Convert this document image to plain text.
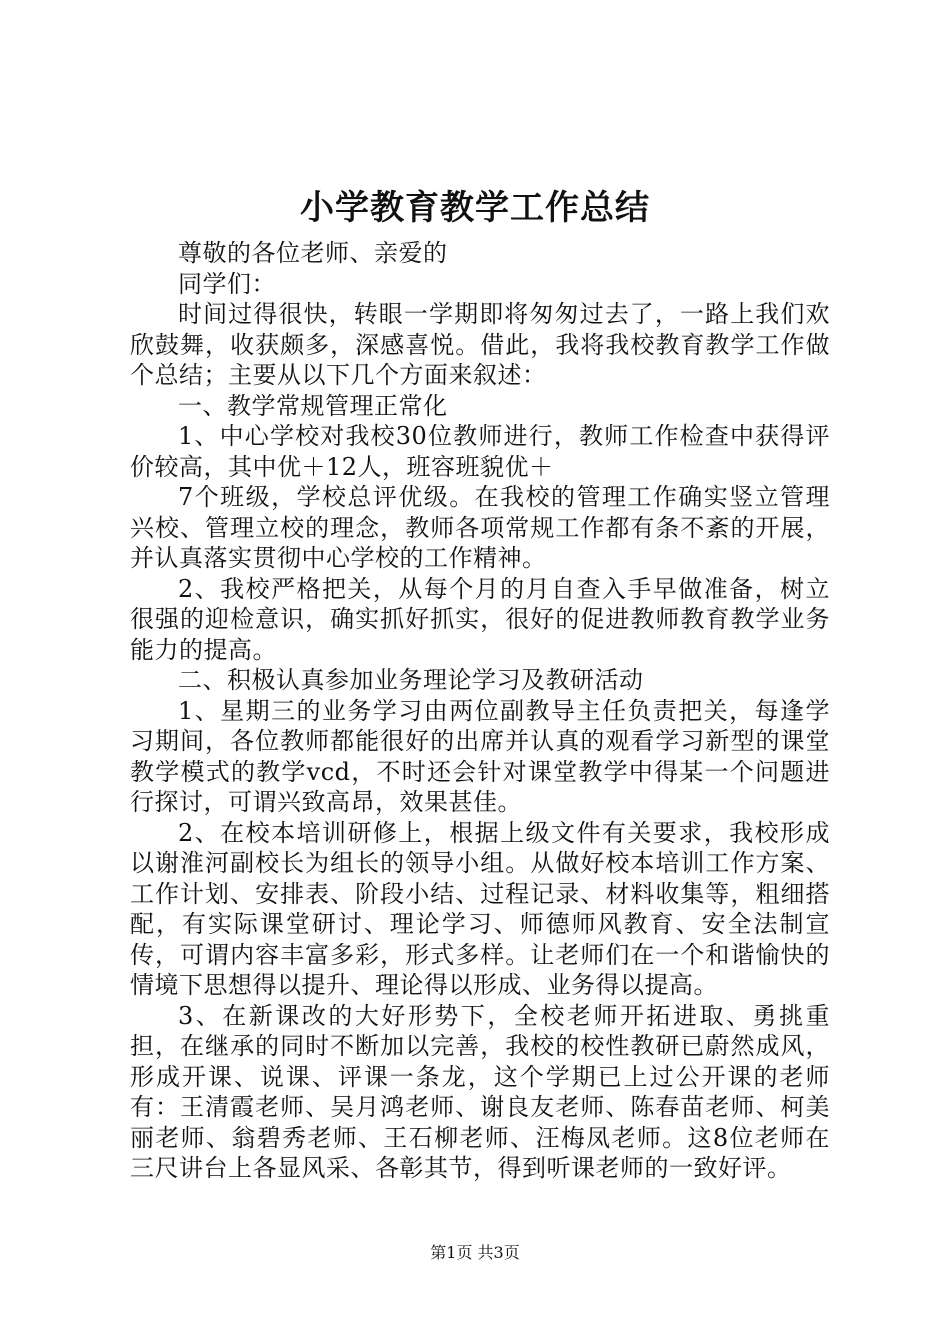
小学教育教学工作总结

尊敬的各位老师、亲爱的

同学们：

时间过得很快，转眼一学期即将匆匆过去了，一路上我们欢欣鼓舞，收获颇多，深感喜悦。借此，我将我校教育教学工作做个总结；主要从以下几个方面来叙述：

一、教学常规管理正常化

1、中心学校对我校30位教师进行，教师工作检查中获得评价较高，其中优＋12人，班容班貌优＋

7个班级，学校总评优级。在我校的管理工作确实竖立管理兴校、管理立校的理念，教师各项常规工作都有条不紊的开展，并认真落实贯彻中心学校的工作精神。

2、我校严格把关，从每个月的月自查入手早做准备，树立很强的迎检意识，确实抓好抓实，很好的促进教师教育教学业务能力的提高。

二、积极认真参加业务理论学习及教研活动

1、星期三的业务学习由两位副教导主任负责把关，每逢学习期间，各位教师都能很好的出席并认真的观看学习新型的课堂教学模式的教学vcd，不时还会针对课堂教学中得某一个问题进行探讨，可谓兴致高昂，效果甚佳。

2、在校本培训研修上，根据上级文件有关要求，我校形成以谢淮河副校长为组长的领导小组。从做好校本培训工作方案、工作计划、安排表、阶段小结、过程记录、材料收集等，粗细搭配，有实际课堂研讨、理论学习、师德师风教育、安全法制宣传，可谓内容丰富多彩，形式多样。让老师们在一个和谐愉快的情境下思想得以提升、理论得以形成、业务得以提高。

3、在新课改的大好形势下，全校老师开拓进取、勇挑重担，在继承的同时不断加以完善，我校的校性教研已蔚然成风，形成开课、说课、评课一条龙，这个学期已上过公开课的老师有：王清霞老师、吴月鸿老师、谢良友老师、陈春苗老师、柯美丽老师、翁碧秀老师、王石柳老师、汪梅凤老师。这8位老师在三尺讲台上各显风采、各彰其节，得到听课老师的一致好评。

第1页 共3页
